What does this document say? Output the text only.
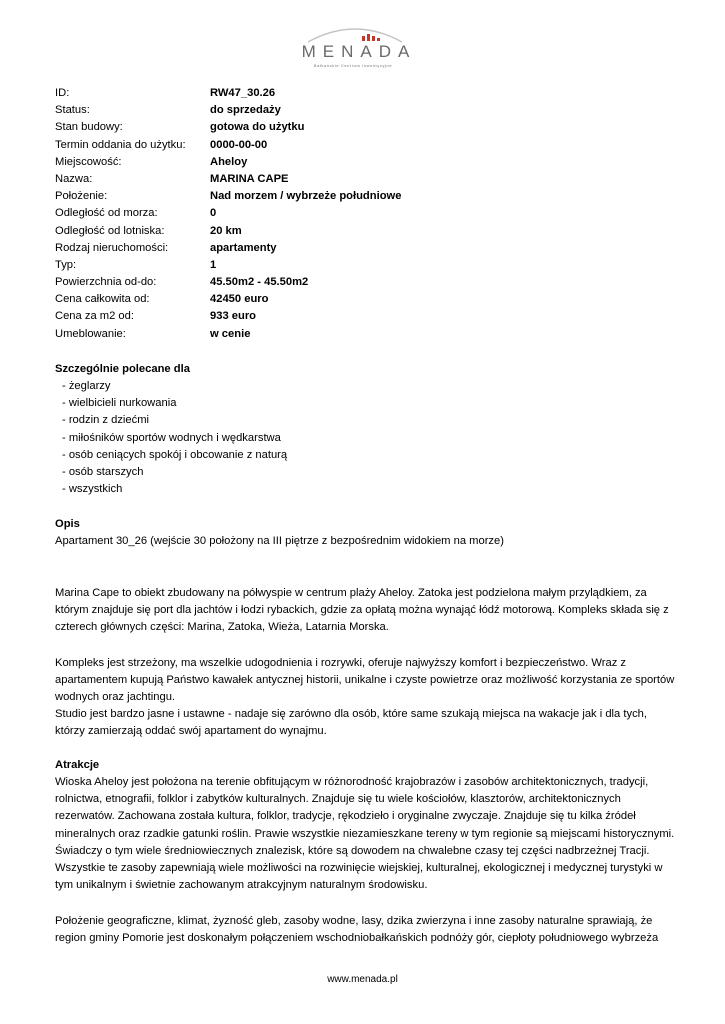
MENADA
Bałkańskie Centrum Inwestycyjne
ID:	RW47_30.26
Status:	do sprzedaży
Stan budowy:	gotowa do użytku
Termin oddania do użytku:	0000-00-00
Miejscowość:	Aheloy
Nazwa:	MARINA CAPE
Położenie:	Nad morzem / wybrzeże południowe
Odległość od morza:	0
Odległość od lotniska:	20 km
Rodzaj nieruchomości:	apartamenty
Typ:	1
Powierzchnia od-do:	45.50m2 - 45.50m2
Cena całkowita od:	42450 euro
Cena za m2 od:	933 euro
Umeblowanie:	w cenie
Szczególnie polecane dla
- żeglarzy
- wielbicieli nurkowania
- rodzin z dziećmi
- miłośników sportów wodnych i wędkarstwa
- osób ceniących spokój i obcowanie z naturą
- osób starszych
- wszystkich
Opis
Apartament 30_26 (wejście 30 położony na III piętrze z bezpośrednim widokiem na morze)
Marina Cape to obiekt zbudowany na półwyspie w centrum plaży Aheloy. Zatoka jest podzielona małym przylądkiem, za którym znajduje się port dla jachtów i łodzi rybackich, gdzie za opłatą można wynająć łódź motorową. Kompleks składa się z czterech głównych części: Marina, Zatoka, Wieża, Latarnia Morska.
Kompleks jest strzeżony, ma wszelkie udogodnienia i rozrywki, oferuje najwyższy komfort i bezpieczeństwo. Wraz z apartamentem kupują Państwo kawałek antycznej historii, unikalne i czyste powietrze oraz możliwość korzystania ze sportów wodnych oraz jachtingu.
Studio jest bardzo jasne i ustawne - nadaje się zarówno dla osób, które same szukają miejsca na wakacje jak i dla tych, którzy zamierzają oddać swój apartament do wynajmu.
Atrakcje
Wioska Aheloy jest położona na terenie obfitującym w różnorodność krajobrazów i zasobów architektonicznych, tradycji, rolnictwa, etnografii, folklor i zabytków kulturalnych. Znajduje się tu wiele kościołów, klasztorów, architektonicznych rezerwatów. Zachowana została kultura, folklor, tradycje, rękodzieło i oryginalne zwyczaje. Znajduje się tu kilka źródeł mineralnych oraz rzadkie gatunki roślin. Prawie wszystkie niezamieszkane tereny w tym regionie są miejscami historycznymi. Świadczy o tym wiele średniowiecznych znalezisk, które są dowodem na chwalebne czasy tej części nadbrzeżnej Tracji. Wszystkie te zasoby zapewniają wiele możliwości na rozwinięcie wiejskiej, kulturalnej, ekologicznej i medycznej turystyki w tym unikalnym i świetnie zachowanym atrakcyjnym naturalnym środowisku.
Położenie geograficzne, klimat, żyzność gleb, zasoby wodne, lasy, dzika zwierzyna i inne zasoby naturalne sprawiają, że region gminy Pomorie jest doskonałym połączeniem wschodniobałkańskich podnóży gór, ciepłoty południowego wybrzeża
www.menada.pl
